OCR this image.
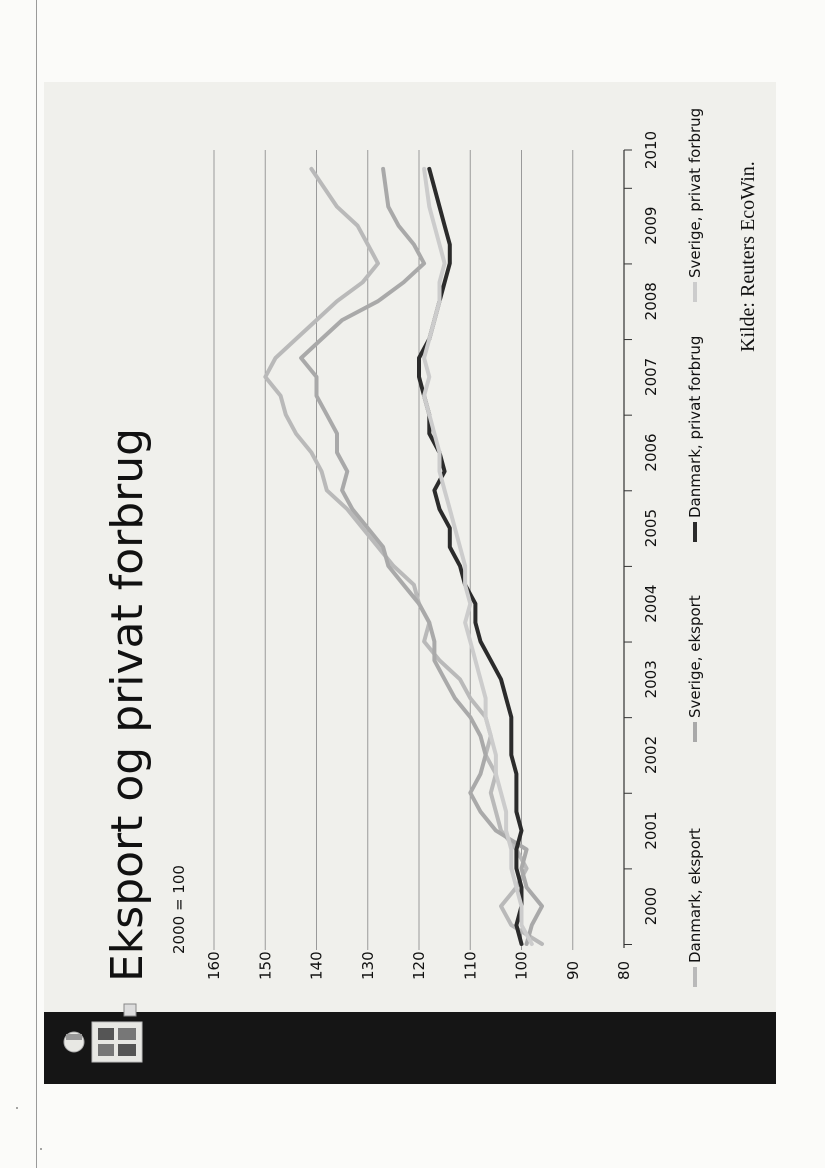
80
90
100
110
120
130
140
150
160
2000
2001
2002
2003
2004
2005
2006
2007
2008
2009
2010
Eksport og privat forbrug 2000 = 100
Kilde: Reuters EcoWin.
Danmark, eksport
Sverige, eksport
Danmark, privat forbrug
Sverige, privat forbrug
